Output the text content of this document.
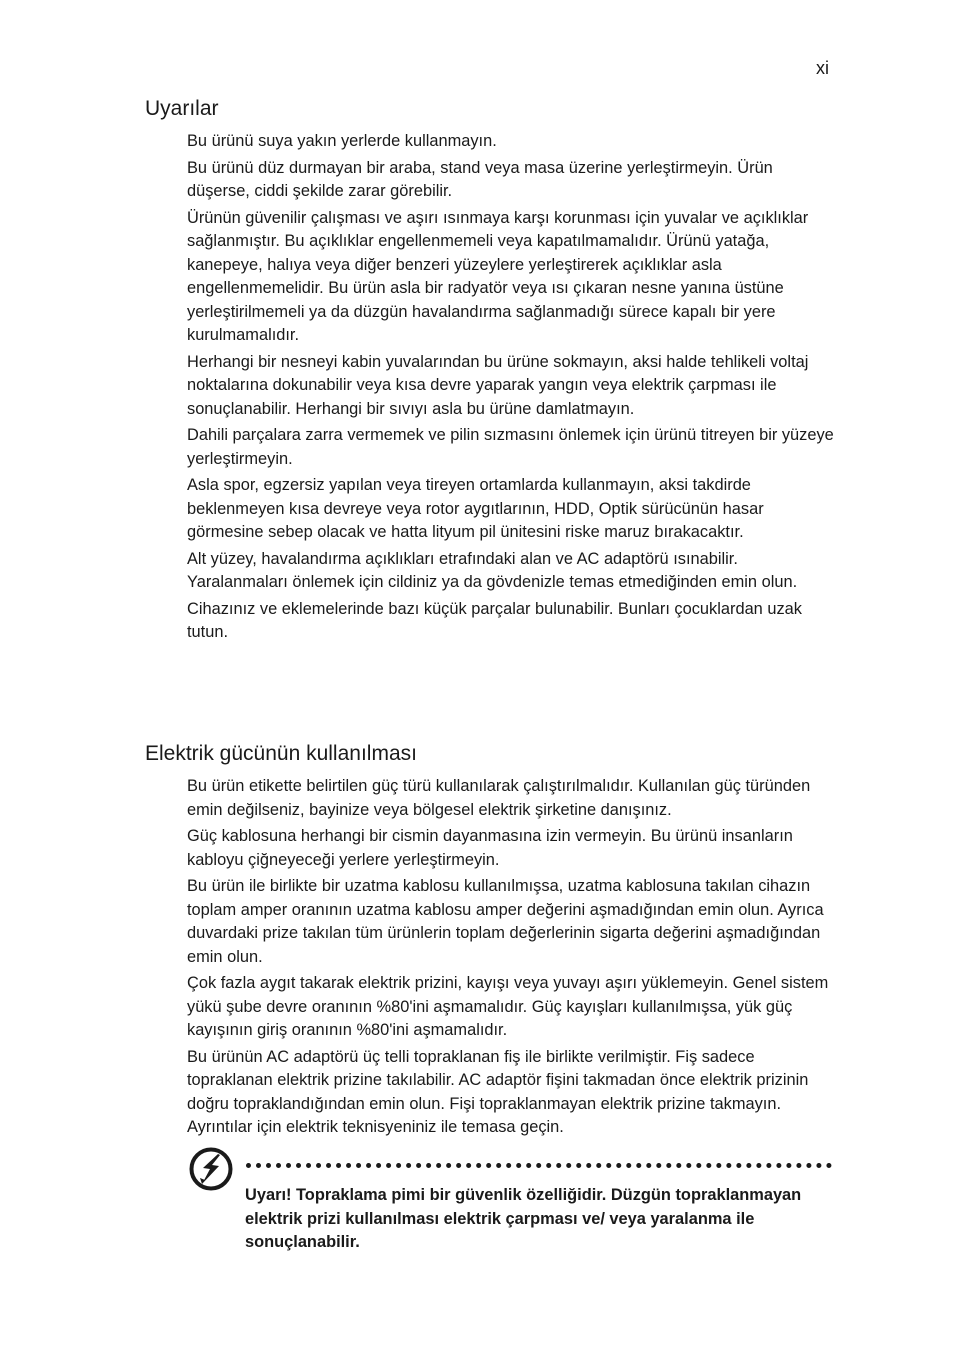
xi
Uyarılar

Bu ürünü suya yakın yerlerde kullanmayın.

Bu ürünü düz durmayan bir araba, stand veya masa üzerine yerleştirmeyin. Ürün düşerse, ciddi şekilde zarar görebilir.

Ürünün güvenilir çalışması ve aşırı ısınmaya karşı korunması için yuvalar ve açıklıklar sağlanmıştır. Bu açıklıklar engellenmemeli veya kapatılmamalıdır. Ürünü yatağa, kanepeye, halıya veya diğer benzeri yüzeylere yerleştirerek açıklıklar asla engellenmemelidir. Bu ürün asla bir radyatör veya ısı çıkaran nesne yanına üstüne yerleştirilmemeli ya da düzgün havalandırma sağlanmadığı sürece kapalı bir yere kurulmamalıdır.

Herhangi bir nesneyi kabin yuvalarından bu ürüne sokmayın, aksi halde tehlikeli voltaj noktalarına dokunabilir veya kısa devre yaparak yangın veya elektrik çarpması ile sonuçlanabilir. Herhangi bir sıvıyı asla bu ürüne damlatmayın.

Dahili parçalara zarra vermemek ve pilin sızmasını önlemek için ürünü titreyen bir yüzeye yerleştirmeyin.

Asla spor, egzersiz yapılan veya tireyen ortamlarda kullanmayın, aksi takdirde beklenmeyen kısa devreye veya rotor aygıtlarının, HDD, Optik sürücünün hasar görmesine sebep olacak ve hatta lityum pil ünitesini riske maruz bırakacaktır.

Alt yüzey, havalandırma açıklıkları etrafındaki alan ve AC adaptörü ısınabilir. Yaralanmaları önlemek için cildiniz ya da gövdenizle temas etmediğinden emin olun.

Cihazınız ve eklemelerinde bazı küçük parçalar bulunabilir. Bunları çocuklardan uzak tutun.

Elektrik gücünün kullanılması

Bu ürün etikette belirtilen güç türü kullanılarak çalıştırılmalıdır. Kullanılan güç türünden emin değilseniz, bayinize veya bölgesel elektrik şirketine danışınız.

Güç kablosuna herhangi bir cismin dayanmasına izin vermeyin. Bu ürünü insanların kabloyu çiğneyeceği yerlere yerleştirmeyin.

Bu ürün ile birlikte bir uzatma kablosu kullanılmışsa, uzatma kablosuna takılan cihazın toplam amper oranının uzatma kablosu amper değerini aşmadığından emin olun. Ayrıca duvardaki prize takılan tüm ürünlerin toplam değerlerinin sigarta değerini aşmadığından emin olun.

Çok fazla aygıt takarak elektrik prizini, kayışı veya yuvayı aşırı yüklemeyin. Genel sistem yükü şube devre oranının %80'ini aşmamalıdır. Güç kayışları kullanılmışsa, yük güç kayışının giriş oranının %80'ini aşmamalıdır.

Bu ürünün AC adaptörü üç telli topraklanan fiş ile birlikte verilmiştir. Fiş sadece topraklanan elektrik prizine takılabilir. AC adaptör fişini takmadan önce elektrik prizinin doğru topraklandığından emin olun. Fişi topraklanmayan elektrik prizine takmayın. Ayrıntılar için elektrik teknisyeniniz ile temasa geçin.

Uyarı! Topraklama pimi bir güvenlik özelliğidir. Düzgün topraklanmayan elektrik prizi kullanılması elektrik çarpması ve/ veya yaralanma ile sonuçlanabilir.
